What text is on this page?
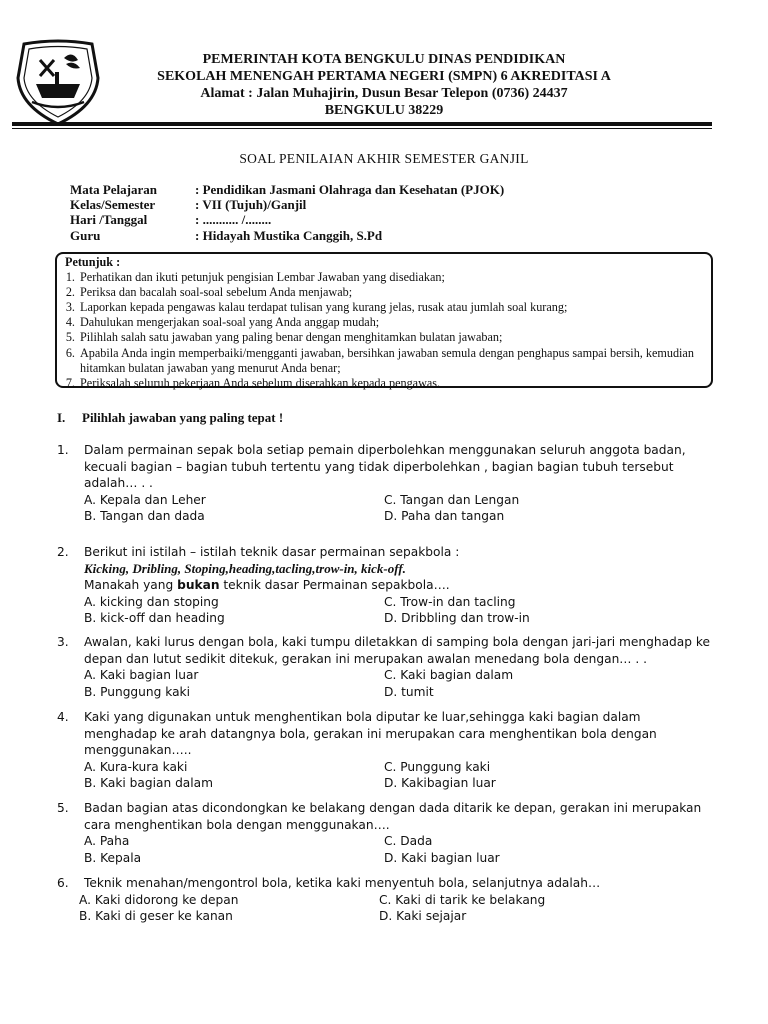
PEMERINTAH KOTA BENGKULU DINAS PENDIDIKAN
SEKOLAH MENENGAH PERTAMA NEGERI (SMPN) 6 AKREDITASI A
Alamat : Jalan Muhajirin, Dusun Besar Telepon (0736) 24437
BENGKULU 38229
SOAL PENILAIAN AKHIR SEMESTER GANJIL
Mata Pelajaran	: Pendidikan Jasmani Olahraga dan Kesehatan (PJOK)
Kelas/Semester	: VII (Tujuh)/Ganjil
Hari /Tanggal	: ........... /........
Guru	: Hidayah Mustika Canggih, S.Pd
Petunjuk :
1. Perhatikan dan ikuti petunjuk pengisian Lembar Jawaban yang disediakan;
2. Periksa dan bacalah soal-soal sebelum Anda menjawab;
3. Laporkan kepada pengawas kalau terdapat tulisan yang kurang jelas, rusak atau jumlah soal kurang;
4. Dahulukan mengerjakan soal-soal yang Anda anggap mudah;
5. Pilihlah salah satu jawaban yang paling benar dengan menghitamkan bulatan jawaban;
6. Apabila Anda ingin memperbaiki/mengganti jawaban, bersihkan jawaban semula dengan penghapus sampai bersih, kemudian hitamkan bulatan jawaban yang menurut Anda benar;
7. Periksalah seluruh pekerjaan Anda sebelum diserahkan kepada pengawas.
I. Pilihlah jawaban yang paling tepat !
1. Dalam permainan sepak bola setiap pemain diperbolehkan menggunakan seluruh anggota badan, kecuali bagian – bagian tubuh tertentu yang tidak diperbolehkan , bagian bagian tubuh tersebut adalah… . .
A. Kepala dan Leher	C. Tangan dan Lengan
B. Tangan dan dada	D. Paha dan tangan
2. Berikut ini istilah – istilah teknik dasar permainan sepakbola :
Kicking, Dribling, Stoping,heading,tacling,trow-in, kick-off.
Manakah yang bukan teknik dasar Permainan sepakbola….
A. kicking dan stoping	C. Trow-in dan tacling
B. kick-off dan heading	D. Dribbling dan trow-in
3. Awalan, kaki lurus dengan bola, kaki tumpu diletakkan di samping bola dengan jari-jari menghadap ke depan dan lutut sedikit ditekuk, gerakan ini merupakan awalan menedang bola dengan… . .
A. Kaki bagian luar	C. Kaki bagian dalam
B. Punggung kaki	D. tumit
4. Kaki yang digunakan untuk menghentikan bola diputar ke luar,sehingga kaki bagian dalam menghadap ke arah datangnya bola, gerakan ini merupakan cara menghentikan bola dengan menggunakan…..
A. Kura-kura kaki	C. Punggung kaki
B. Kaki bagian dalam	D. Kakibagian luar
5. Badan bagian atas dicondongkan ke belakang dengan dada ditarik ke depan, gerakan ini merupakan cara menghentikan bola dengan menggunakan….
A. Paha	C. Dada
B. Kepala	D. Kaki bagian luar
6. Teknik menahan/mengontrol bola, ketika kaki menyentuh bola, selanjutnya adalah…
A. Kaki didorong ke depan	C. Kaki di tarik ke belakang
B. Kaki di geser ke kanan	D. Kaki sejajar
